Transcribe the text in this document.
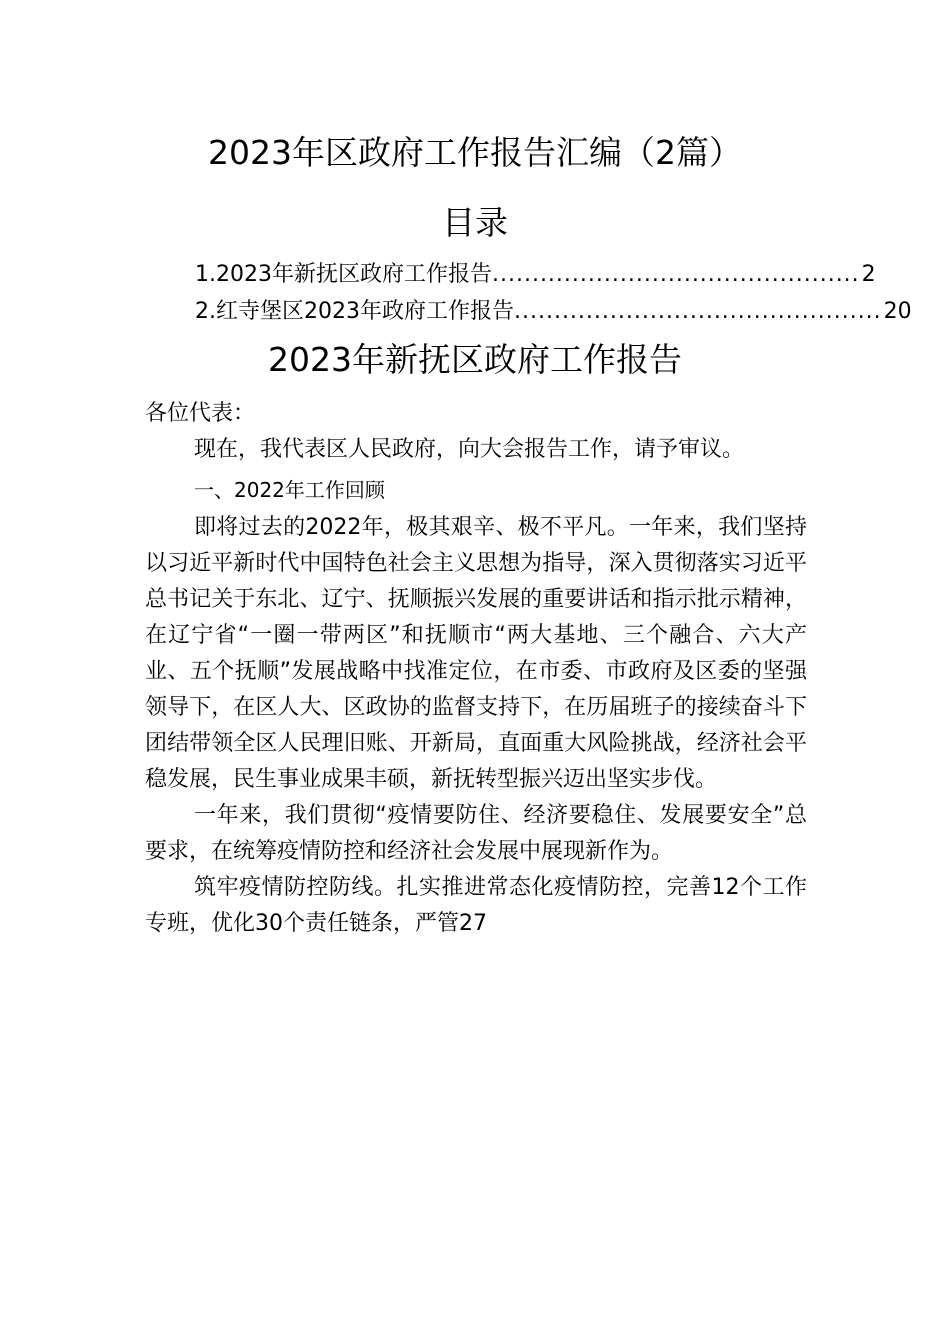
2023年区政府工作报告汇编（2篇）
目录
1.2023年新抚区政府工作报告 .............................................. 2
2.红寺堡区2023年政府工作报告 .............................................. 20
2023年新抚区政府工作报告

各位代表：

现在，我代表区人民政府，向大会报告工作，请予审议。

一、2022年工作回顾

即将过去的2022年，极其艰辛、极不平凡。一年来，我们坚持以习近平新时代中国特色社会主义思想为指导，深入贯彻落实习近平总书记关于东北、辽宁、抚顺振兴发展的重要讲话和指示批示精神，在辽宁省“一圈一带两区”和抚顺市“两大基地、三个融合、六大产业、五个抚顺”发展战略中找准定位，在市委、市政府及区委的坚强领导下，在区人大、区政协的监督支持下，在历届班子的接续奋斗下团结带领全区人民理旧账、开新局，直面重大风险挑战，经济社会平稳发展，民生事业成果丰硕，新抚转型振兴迈出坚实步伐。

一年来，我们贯彻“疫情要防住、经济要稳住、发展要安全”总要求，在统筹疫情防控和经济社会发展中展现新作为。

筑牢疫情防控防线。扎实推进常态化疫情防控，完善12个工作专班，优化30个责任链条，严管27
